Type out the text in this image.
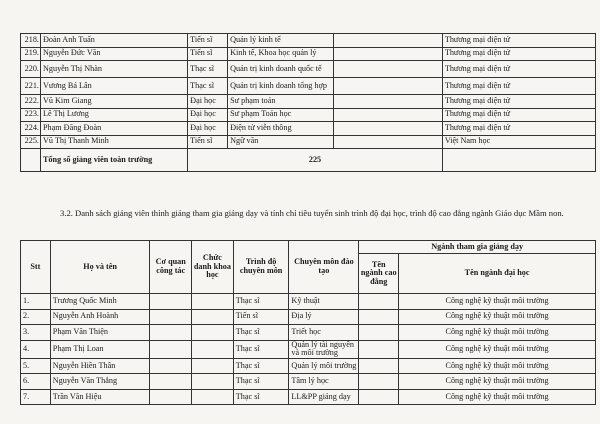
218.	Đoàn Anh Tuấn	Tiến sĩ	Quản lý kinh tế		Thương mại điện tử
219.	Nguyễn Đức Văn	Tiến sĩ	Kinh tế, Khoa học quản lý		Thương mại điện tử
220.	Nguyễn Thị Nhàn	Thạc sĩ	Quản trị kinh doanh quốc tế		Thương mại điện tử
221.	Vương Bá Lân	Thạc sĩ	Quản trị kinh doanh tổng hợp		Thương mại điện tử
222.	Vũ Kim Giang	Đại học	Sư phạm toán		Thương mại điện tử
223.	Lê Thị Lương	Đại học	Sư phạm Toán học		Thương mại điện tử
224.	Phạm Đăng Đoàn	Đại học	Điện tử viễn thông		Thương mại điện tử
225.	Vũ Thị Thanh Minh	Tiến sĩ	Ngữ văn		Việt Nam học
	Tổng số giảng viên toàn trường	225			
3.2. Danh sách giảng viên thỉnh giảng tham gia giảng dạy và tính chỉ tiêu tuyển sinh trình độ đại học, trình độ cao đẳng ngành Giáo dục Mầm non.
Stt	Họ và tên	Cơ quan công tác	Chức danh khoa học	Trình độ chuyên môn	Chuyên môn đào tạo	Ngành tham gia giảng dạy	
						Tên ngành cao đẳng	Tên ngành đại học
1.	Trương Quốc Minh			Thạc sĩ	Kỹ thuật		Công nghệ kỹ thuật môi trường
2.	Nguyễn Anh Hoành			Tiến sĩ	Địa lý		Công nghệ kỹ thuật môi trường
3.	Phạm Văn Thiện			Thạc sĩ	Triết học		Công nghệ kỹ thuật môi trường
4.	Phạm Thị Loan			Thạc sĩ	Quản lý tài nguyên và môi trường		Công nghệ kỹ thuật môi trường
5.	Nguyễn Hiền Thân			Thạc sĩ	Quản lý môi trường		Công nghệ kỹ thuật môi trường
6.	Nguyễn Văn Thắng			Thạc sĩ	Tâm lý học		Công nghệ kỹ thuật môi trường
7.	Trần Văn Hiệu			Thạc sĩ	LL&PP giảng dạy		Công nghệ kỹ thuật môi trường
